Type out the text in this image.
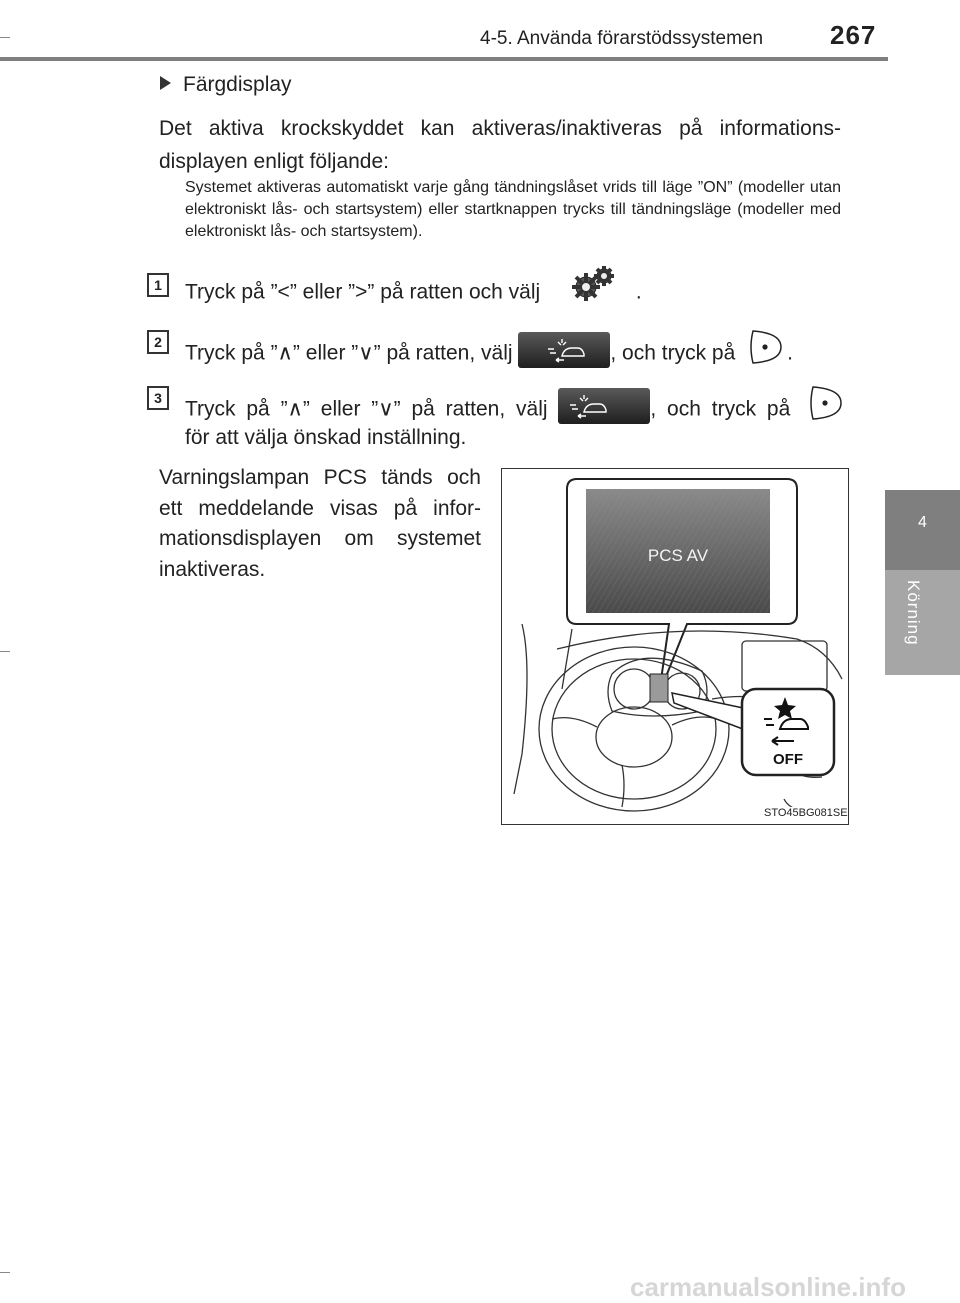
4-5. Använda förarstödssystemen	267
4
Körning
Färgdisplay
Det aktiva krockskyddet kan aktiveras/inaktiveras på informations-displayen enligt följande:
Systemet aktiveras automatiskt varje gång tändningslåset vrids till läge ”ON” (modeller utan elektroniskt lås- och startsystem) eller startknappen trycks till tändningsläge (modeller med elektroniskt lås- och startsystem).
1	Tryck på ”<” eller ”>” på ratten och välj	.
2	Tryck på ”∧” eller ”∨” på ratten, välj	, och tryck på .
3	Tryck på ”∧” eller ”∨” på ratten, välj	, och tryck på
för att välja önskad inställning.
Varningslampan PCS tänds och ett meddelande visas på infor-mationsdisplayen om systemet inaktiveras.
PCS AV
OFF
STO45BG081SE
carmanualsonline.info
